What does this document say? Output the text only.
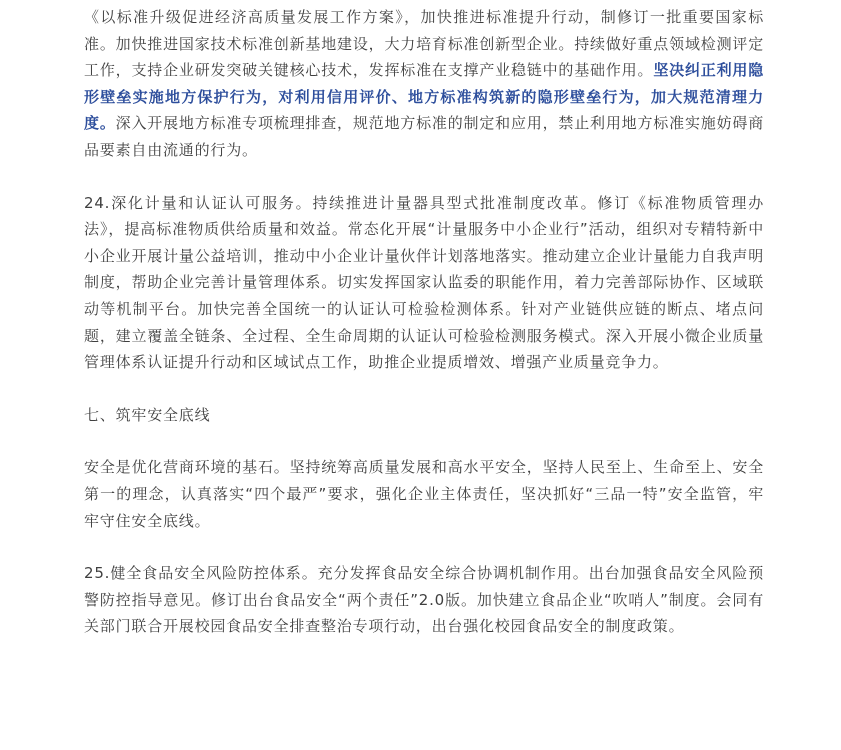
《以标准升级促进经济高质量发展工作方案》，加快推进标准提升行动，制修订一批重要国家标准。加快推进国家技术标准创新基地建设，大力培育标准创新型企业。持续做好重点领域检测评定工作，支持企业研发突破关键核心技术，发挥标准在支撑产业稳链中的基础作用。坚决纠正利用隐形壁垒实施地方保护行为，对利用信用评价、地方标准构筑新的隐形壁垒行为，加大规范清理力度。深入开展地方标准专项梳理排查，规范地方标准的制定和应用，禁止利用地方标准实施妨碍商品要素自由流通的行为。

24.深化计量和认证认可服务。持续推进计量器具型式批准制度改革。修订《标准物质管理办法》，提高标准物质供给质量和效益。常态化开展“计量服务中小企业行”活动，组织对专精特新中小企业开展计量公益培训，推动中小企业计量伙伴计划落地落实。推动建立企业计量能力自我声明制度，帮助企业完善计量管理体系。切实发挥国家认监委的职能作用，着力完善部际协作、区域联动等机制平台。加快完善全国统一的认证认可检验检测体系。针对产业链供应链的断点、堵点问题，建立覆盖全链条、全过程、全生命周期的认证认可检验检测服务模式。深入开展小微企业质量管理体系认证提升行动和区域试点工作，助推企业提质增效、增强产业质量竞争力。

七、筑牢安全底线

安全是优化营商环境的基石。坚持统筹高质量发展和高水平安全，坚持人民至上、生命至上、安全第一的理念，认真落实“四个最严”要求，强化企业主体责任，坚决抓好“三品一特”安全监管，牢牢守住安全底线。

25.健全食品安全风险防控体系。充分发挥食品安全综合协调机制作用。出台加强食品安全风险预警防控指导意见。修订出台食品安全“两个责任”2.0版。加快建立食品企业“吹哨人”制度。会同有关部门联合开展校园食品安全排查整治专项行动，出台强化校园食品安全的制度政策。
